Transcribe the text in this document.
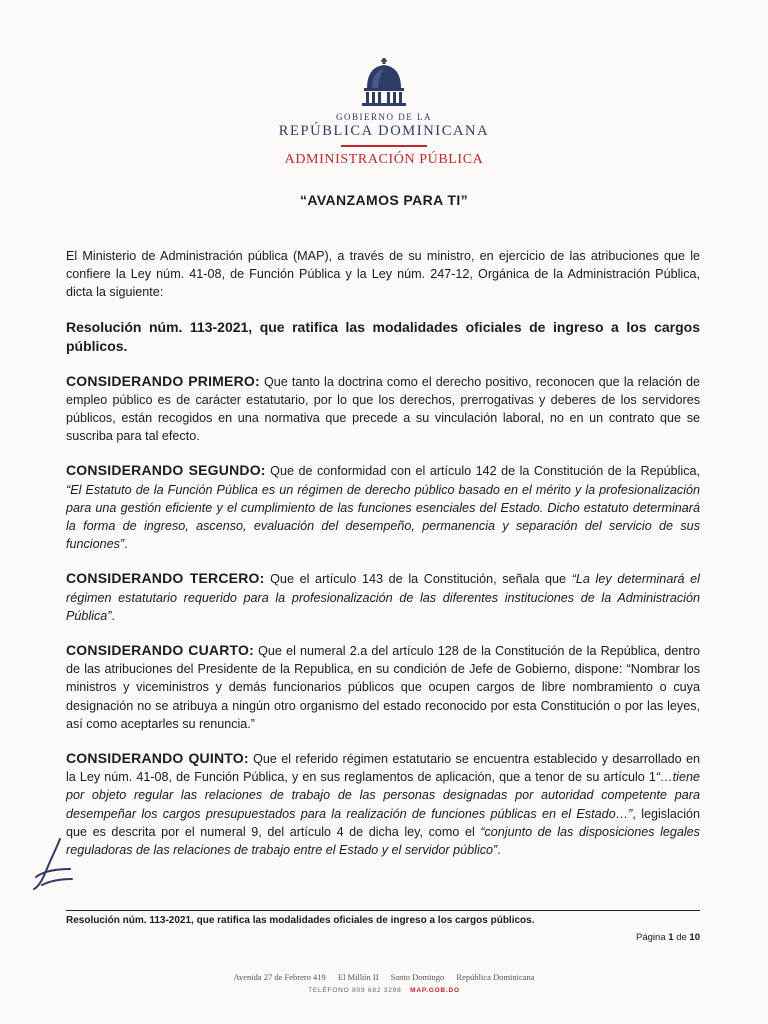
GOBIERNO DE LA
REPÚBLICA DOMINICANA
ADMINISTRACIÓN PÚBLICA
“AVANZAMOS PARA TI”

El Ministerio de Administración pública (MAP), a través de su ministro, en ejercicio de las atribuciones que le confiere la Ley núm. 41-08, de Función Pública y la Ley núm. 247-12, Orgánica de la Administración Pública, dicta la siguiente:

Resolución núm. 113-2021, que ratifica las modalidades oficiales de ingreso a los cargos públicos.

CONSIDERANDO PRIMERO: Que tanto la doctrina como el derecho positivo, reconocen que la relación de empleo público es de carácter estatutario, por lo que los derechos, prerrogativas y deberes de los servidores públicos, están recogidos en una normativa que precede a su vinculación laboral, no en un contrato que se suscriba para tal efecto.

CONSIDERANDO SEGUNDO: Que de conformidad con el artículo 142 de la Constitución de la República, “El Estatuto de la Función Pública es un régimen de derecho público basado en el mérito y la profesionalización para una gestión eficiente y el cumplimiento de las funciones esenciales del Estado. Dicho estatuto determinará la forma de ingreso, ascenso, evaluación del desempeño, permanencia y separación del servicio de sus funciones”.

CONSIDERANDO TERCERO: Que el artículo 143 de la Constitución, señala que “La ley determinará el régimen estatutario requerido para la profesionalización de las diferentes instituciones de la Administración Pública”.

CONSIDERANDO CUARTO: Que el numeral 2.a del artículo 128 de la Constitución de la República, dentro de las atribuciones del Presidente de la Republica, en su condición de Jefe de Gobierno, dispone: “Nombrar los ministros y viceministros y demás funcionarios públicos que ocupen cargos de libre nombramiento o cuya designación no se atribuya a ningún otro organismo del estado reconocido por esta Constitución o por las leyes, así como aceptarles su renuncia.”

CONSIDERANDO QUINTO: Que el referido régimen estatutario se encuentra establecido y desarrollado en la Ley núm. 41-08, de Función Pública, y en sus reglamentos de aplicación, que a tenor de su artículo 1“…tiene por objeto regular las relaciones de trabajo de las personas designadas por autoridad competente para desempeñar los cargos presupuestados para la realización de funciones públicas en el Estado…”, legislación que es descrita por el numeral 9, del artículo 4 de dicha ley, como el “conjunto de las disposiciones legales reguladoras de las relaciones de trabajo entre el Estado y el servidor público”.

Resolución núm. 113-2021, que ratifica las modalidades oficiales de ingreso a los cargos públicos.
Página 1 de 10
Avenida 27 de Febrero 419 El Millón II Santo Domingo República Dominicana
TELÉFONO 809 682 3298 MAP.GOB.DO
